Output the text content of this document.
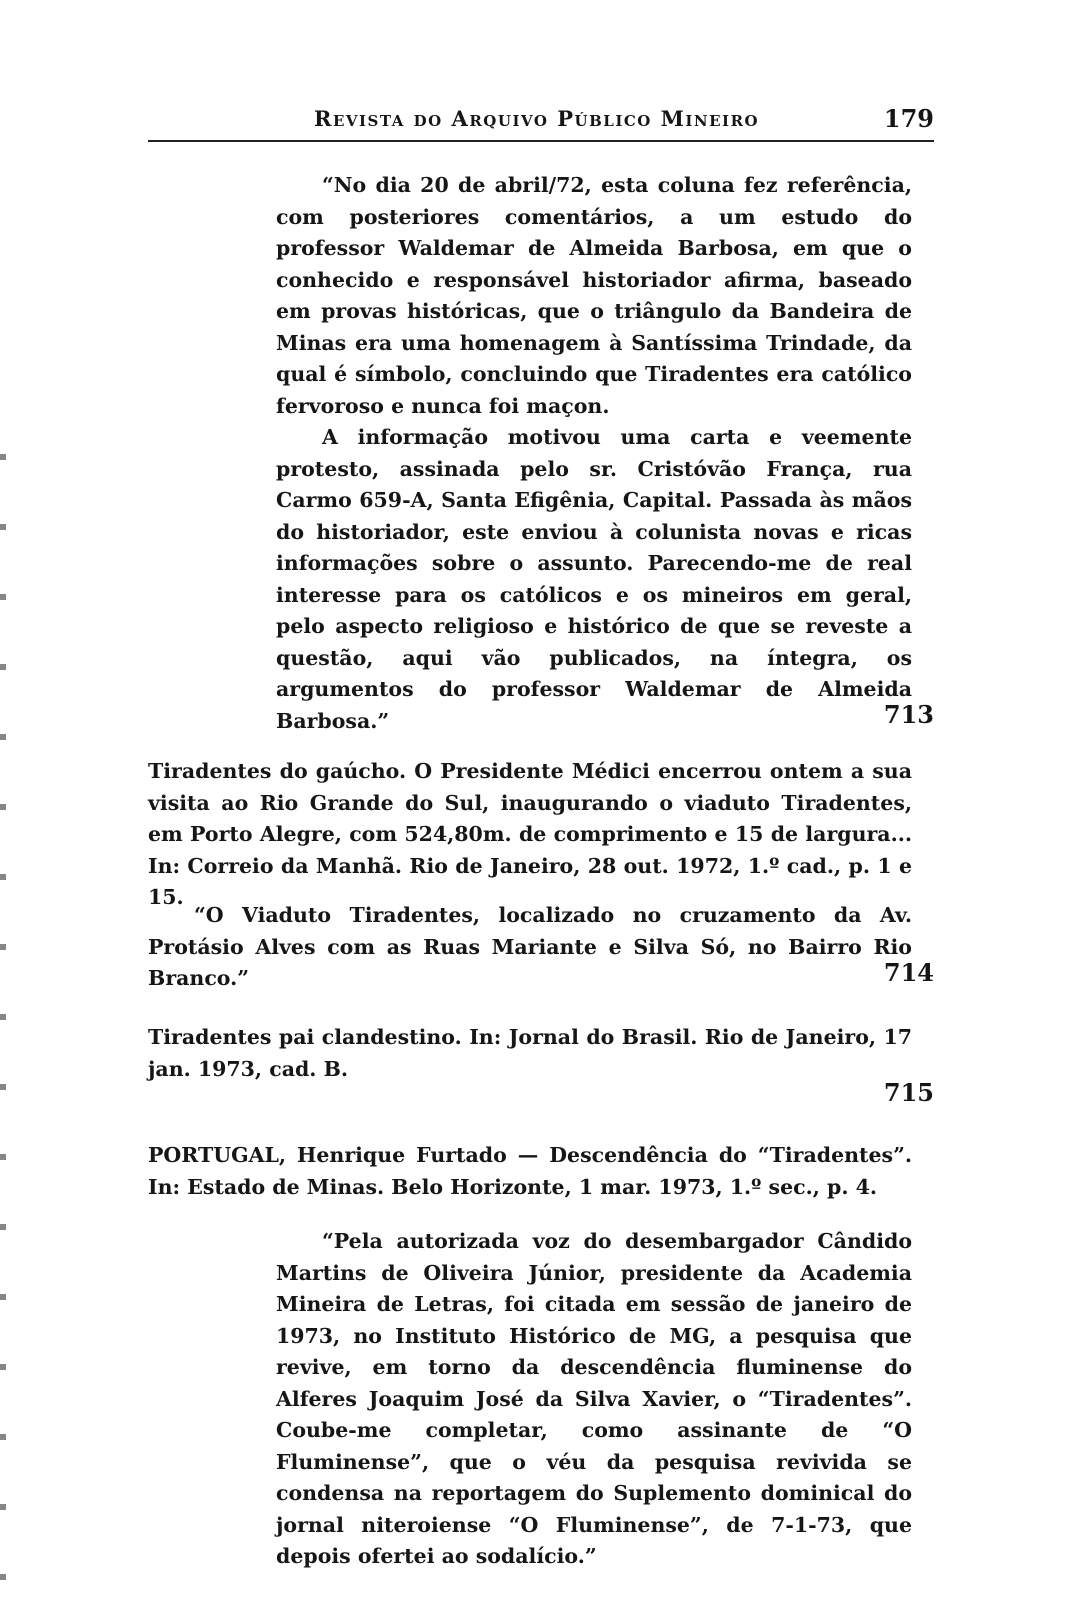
Revista do Arquivo Público Mineiro	179
“No dia 20 de abril/72, esta coluna fez referência, com posteriores comentários, a um estudo do professor Waldemar de Almeida Barbosa, em que o conhecido e responsável historiador afirma, baseado em provas históricas, que o triângulo da Bandeira de Minas era uma homenagem à Santíssima Trindade, da qual é símbolo, concluindo que Tiradentes era católico fervoroso e nunca foi maçon.
A informação motivou uma carta e veemente protesto, assinada pelo sr. Cristóvão França, rua Carmo 659-A, Santa Efigênia, Capital. Passada às mãos do historiador, este enviou à colunista novas e ricas informações sobre o assunto. Parecendo-me de real interesse para os católicos e os mineiros em geral, pelo aspecto religioso e histórico de que se reveste a questão, aqui vão publicados, na íntegra, os argumentos do professor Waldemar de Almeida Barbosa.”	713
Tiradentes do gaúcho. O Presidente Médici encerrou ontem a sua visita ao Rio Grande do Sul, inaugurando o viaduto Tiradentes, em Porto Alegre, com 524,80m. de comprimento e 15 de largura... In: Correio da Manhã. Rio de Janeiro, 28 out. 1972, 1.º cad., p. 1 e 15.
“O Viaduto Tiradentes, localizado no cruzamento da Av. Protásio Alves com as Ruas Mariante e Silva Só, no Bairro Rio Branco.”	714
Tiradentes pai clandestino. In: Jornal do Brasil. Rio de Janeiro, 17 jan. 1973, cad. B.
715
PORTUGAL, Henrique Furtado — Descendência do “Tiradentes”. In: Estado de Minas. Belo Horizonte, 1 mar. 1973, 1.º sec., p. 4.
“Pela autorizada voz do desembargador Cândido Martins de Oliveira Júnior, presidente da Academia Mineira de Letras, foi citada em sessão de janeiro de 1973, no Instituto Histórico de MG, a pesquisa que revive, em torno da descendência fluminense do Alferes Joaquim José da Silva Xavier, o “Tiradentes”. Coube-me completar, como assinante de “O Fluminense”, que o véu da pesquisa revivida se condensa na reportagem do Suplemento dominical do jornal niteroiense “O Fluminense”, de 7-1-73, que depois ofertei ao sodalício.”
